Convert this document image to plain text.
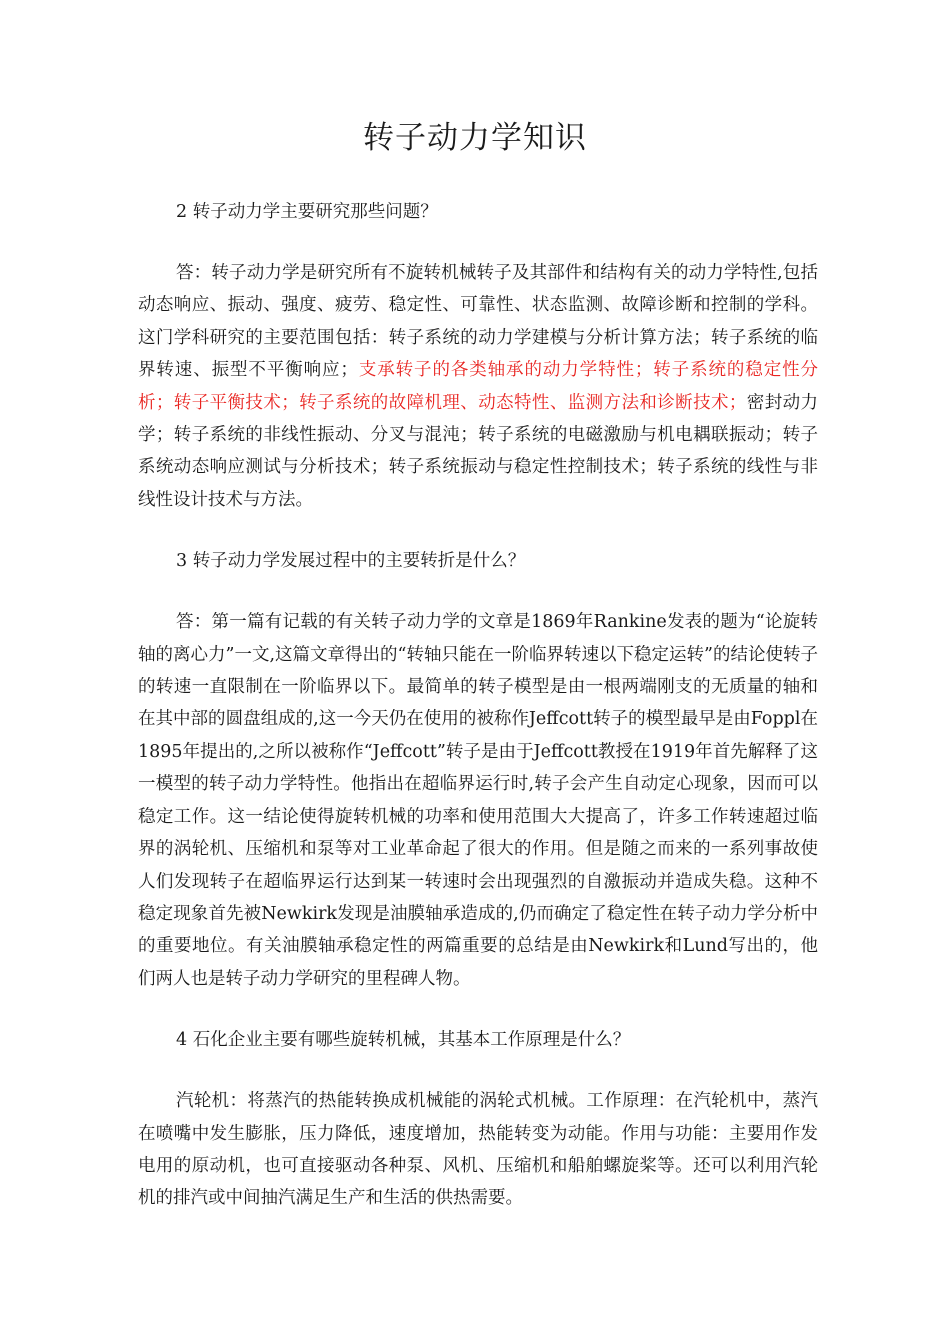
转子动力学知识

2 转子动力学主要研究那些问题？

答：转子动力学是研究所有不旋转机械转子及其部件和结构有关的动力学特性,包括动态响应、振动、强度、疲劳、稳定性、可靠性、状态监测、故障诊断和控制的学科。这门学科研究的主要范围包括：转子系统的动力学建模与分析计算方法；转子系统的临界转速、振型不平衡响应；支承转子的各类轴承的动力学特性；转子系统的稳定性分析；转子平衡技术；转子系统的故障机理、动态特性、监测方法和诊断技术；密封动力学；转子系统的非线性振动、分叉与混沌；转子系统的电磁激励与机电耦联振动；转子系统动态响应测试与分析技术；转子系统振动与稳定性控制技术；转子系统的线性与非线性设计技术与方法。

3 转子动力学发展过程中的主要转折是什么？

答：第一篇有记载的有关转子动力学的文章是1869年Rankine发表的题为“论旋转轴的离心力”一文,这篇文章得出的“转轴只能在一阶临界转速以下稳定运转”的结论使转子的转速一直限制在一阶临界以下。最简单的转子模型是由一根两端刚支的无质量的轴和在其中部的圆盘组成的,这一今天仍在使用的被称作Jeffcott转子的模型最早是由Foppl在1895年提出的,之所以被称作“Jeffcott”转子是由于Jeffcott教授在1919年首先解释了这一模型的转子动力学特性。他指出在超临界运行时,转子会产生自动定心现象，因而可以稳定工作。这一结论使得旋转机械的功率和使用范围大大提高了，许多工作转速超过临界的涡轮机、压缩机和泵等对工业革命起了很大的作用。但是随之而来的一系列事故使人们发现转子在超临界运行达到某一转速时会出现强烈的自激振动并造成失稳。这种不稳定现象首先被Newkirk发现是油膜轴承造成的,仍而确定了稳定性在转子动力学分析中的重要地位。有关油膜轴承稳定性的两篇重要的总结是由Newkirk和Lund写出的，他们两人也是转子动力学研究的里程碑人物。

4 石化企业主要有哪些旋转机械，其基本工作原理是什么？

汽轮机：将蒸汽的热能转换成机械能的涡轮式机械。工作原理：在汽轮机中，蒸汽在喷嘴中发生膨胀，压力降低，速度增加，热能转变为动能。作用与功能：主要用作发电用的原动机，也可直接驱动各种泵、风机、压缩机和船舶螺旋桨等。还可以利用汽轮机的排汽或中间抽汽满足生产和生活的供热需要。
